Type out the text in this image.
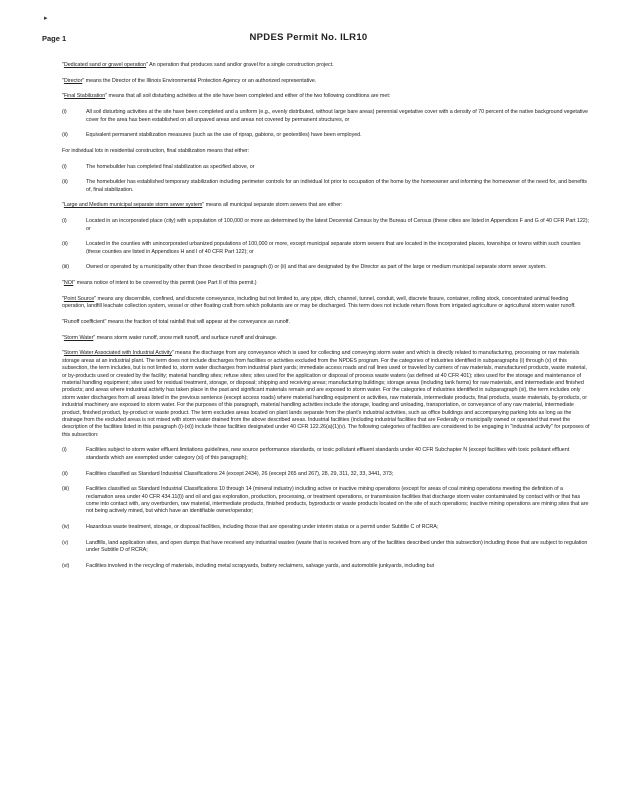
▸
Page 1	NPDES Permit No. ILR10

"Dedicated sand or gravel operation" An operation that produces sand and/or gravel for a single construction project.

"Director" means the Director of the Illinois Environmental Protection Agency or an authorized representative.

"Final Stabilization" means that all soil disturbing activities at the site have been completed and either of the two following conditions are met:

(i)	All soil disturbing activities at the site have been completed and a uniform (e.g., evenly distributed, without large bare areas) perennial vegetative cover with a density of 70 percent of the native background vegetative cover for the area has been established on all unpaved areas and areas not covered by permanent structures, or
(ii)	Equivalent permanent stabilization measures (such as the use of riprap, gabions, or geotextiles) have been employed.

For individual lots in residential construction, final stabilization means that either:

(i)	The homebuilder has completed final stabilization as specified above, or
(ii)	The homebuilder has established temporary stabilization including perimeter controls for an individual lot prior to occupation of the home by the homeowner and informing the homeowner of the need for, and benefits of, final stabilization.

"Large and Medium municipal separate storm sewer system" means all municipal separate storm sewers that are either:

(i)	Located in an incorporated place (city) with a population of 100,000 or more as determined by the latest Decennial Census by the Bureau of Census (these cities are listed in Appendices F and G of 40 CFR Part 122); or
(ii)	Located in the counties with unincorporated urbanized populations of 100,000 or more, except municipal separate storm sewers that are located in the incorporated places, townships or towns within such counties (these counties are listed in Appendices H and I of 40 CFR Part 122); or
(iii)	Owned or operated by a municipality other than those described in paragraph (i) or (ii) and that are designated by the Director as part of the large or medium municipal separate storm sewer system.

"NOI" means notice of intent to be covered by this permit (see Part II of this permit.)

"Point Source" means any discernible, confined, and discrete conveyance, including but not limited to, any pipe, ditch, channel, tunnel, conduit, well, discrete fissure, container, rolling stock, concentrated animal feeding operation, landfill leachate collection system, vessel or other floating craft from which pollutants are or may be discharged. This term does not include return flows from irrigated agriculture or agricultural storm water runoff.

"Runoff coefficient" means the fraction of total rainfall that will appear at the conveyance as runoff.

"Storm Water" means storm water runoff, snow melt runoff, and surface runoff and drainage.

"Storm Water Associated with Industrial Activity" means the discharge from any conveyance which is used for collecting and conveying storm water and which is directly related to manufacturing, processing or raw materials storage areas at an industrial plant. The term does not include discharges from facilities or activities excluded from the NPDES program. For the categories of industries identified in subparagraphs (i) through (x) of this subsection, the term includes, but is not limited to, storm water discharges from industrial plant yards; immediate access roads and rail lines used or traveled by carriers of raw materials, manufactured products, waste material, or by-products used or created by the facility; material handling sites; refuse sites; sites used for the application or disposal of process waste waters (as defined at 40 CFR 401); sites used for the storage and maintenance of material handling equipment; sites used for residual treatment, storage, or disposal; shipping and receiving areas; manufacturing buildings; storage areas (including tank farms) for raw materials, and intermediate and finished products; and areas where industrial activity has taken place in the past and significant materials remain and are exposed to storm water. For the categories of industries identified in subparagraph (xi), the term includes only storm water discharges from all areas listed in the previous sentence (except access roads) where material handling equipment or activities, raw materials, intermediate products, final products, waste materials, by-products, or industrial machinery are exposed to storm water. For the purposes of this paragraph, material handling activities include the storage, loading and unloading, transportation, or conveyance of any raw material, intermediate product, finished product, by-product or waste product. The term excludes areas located on plant lands separate from the plant's industrial activities, such as office buildings and accompanying parking lots as long as the drainage from the excluded areas is not mixed with storm water drained from the above described areas. Industrial facilities (including industrial facilities that are Federally or municipally owned or operated that meet the description of the facilities listed in this paragraph (i)-(xi)) include those facilities designated under 40 CFR 122.26(a)(1)(v). The following categories of facilities are considered to be engaging in "industrial activity" for purposes of this subsection:

(i)	Facilities subject to storm water effluent limitations guidelines, new source performance standards, or toxic pollutant effluent standards under 40 CFR Subchapter N (except facilities with toxic pollutant effluent standards which are exempted under category (xi) of this paragraph);
(ii)	Facilities classified as Standard Industrial Classifications 24 (except 2434), 26 (except 265 and 267), 28, 29, 311, 32, 33, 3441, 373;
(iii)	Facilities classified as Standard Industrial Classifications 10 through 14 (mineral industry) including active or inactive mining operations (except for areas of coal mining operations meeting the definition of a reclamation area under 40 CFR 434.11(l)) and oil and gas exploration, production, processing, or treatment operations, or transmission facilities that discharge storm water contaminated by contact with or that has come into contact with, any overburden, raw material, intermediate products, finished products, byproducts or waste products located on the site of such operations; inactive mining operations are mining sites that are not being actively mined, but which have an identifiable owner/operator;
(iv)	Hazardous waste treatment, storage, or disposal facilities, including those that are operating under interim status or a permit under Subtitle C of RCRA;
(v)	Landfills, land application sites, and open dumps that have received any industrial wastes (waste that is received from any of the facilities described under this subsection) including those that are subject to regulation under Subtitle D of RCRA;
(vi)	Facilities involved in the recycling of materials, including metal scrapyards, battery reclaimers, salvage yards, and automobile junkyards, including but
